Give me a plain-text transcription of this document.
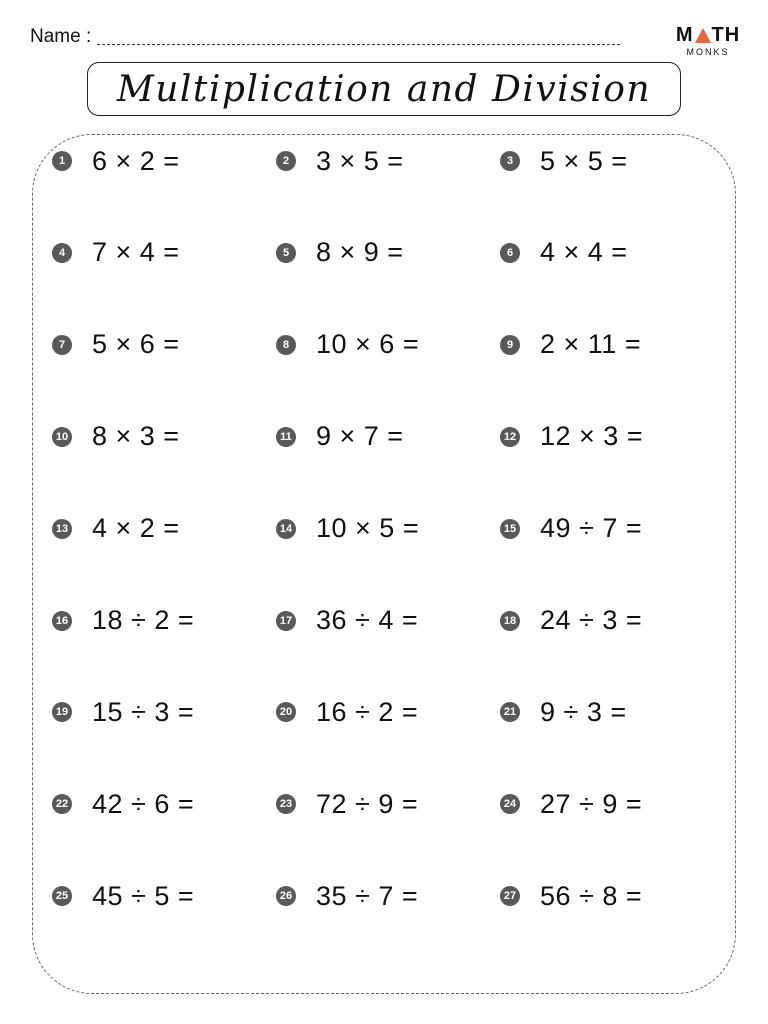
Name :	M TH
MONKS
Multiplication and Division
1 6 × 2 =	2 3 × 5 =	3 5 × 5 =
4 7 × 4 =	5 8 × 9 =	6 4 × 4 =
7 5 × 6 =	8 10 × 6 =	9 2 × 11 =
10 8 × 3 =	11 9 × 7 =	12 12 × 3 =
13 4 × 2 =	14 10 × 5 =	15 49 ÷ 7 =
16 18 ÷ 2 =	17 36 ÷ 4 =	18 24 ÷ 3 =
19 15 ÷ 3 =	20 16 ÷ 2 =	21 9 ÷ 3 =
22 42 ÷ 6 =	23 72 ÷ 9 =	24 27 ÷ 9 =
25 45 ÷ 5 =	26 35 ÷ 7 =	27 56 ÷ 8 =
